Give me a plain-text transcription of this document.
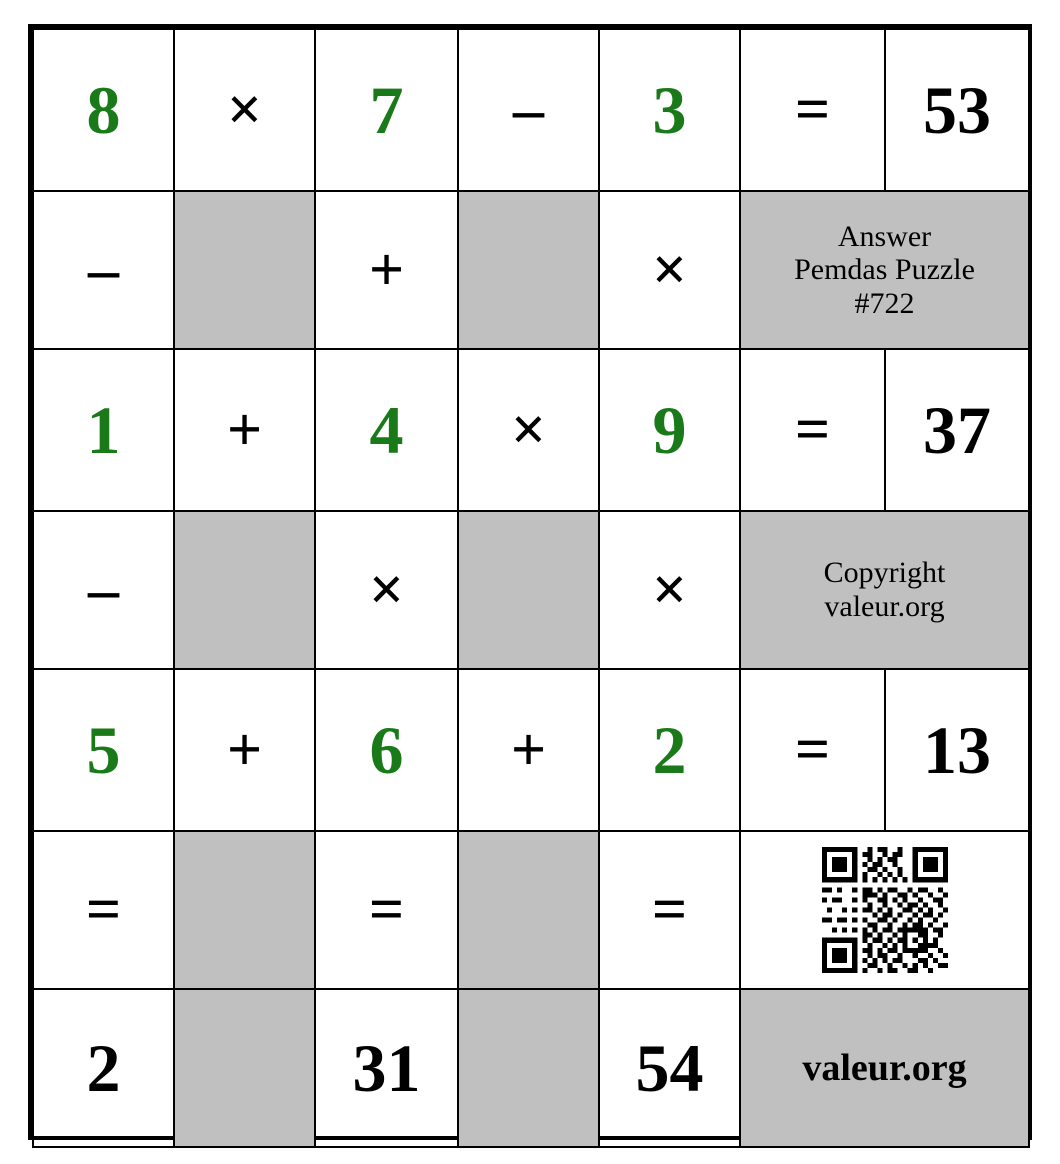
8	×	7	–	3	=	53
–		+		×	Answer
Pemdas Puzzle
#722	

1	+	4	×	9	=	37
–		×		×	Copyright
valeur.org	

5	+	6	+	2	=	13
=		=		=	

2		31		54	valeur.org	
